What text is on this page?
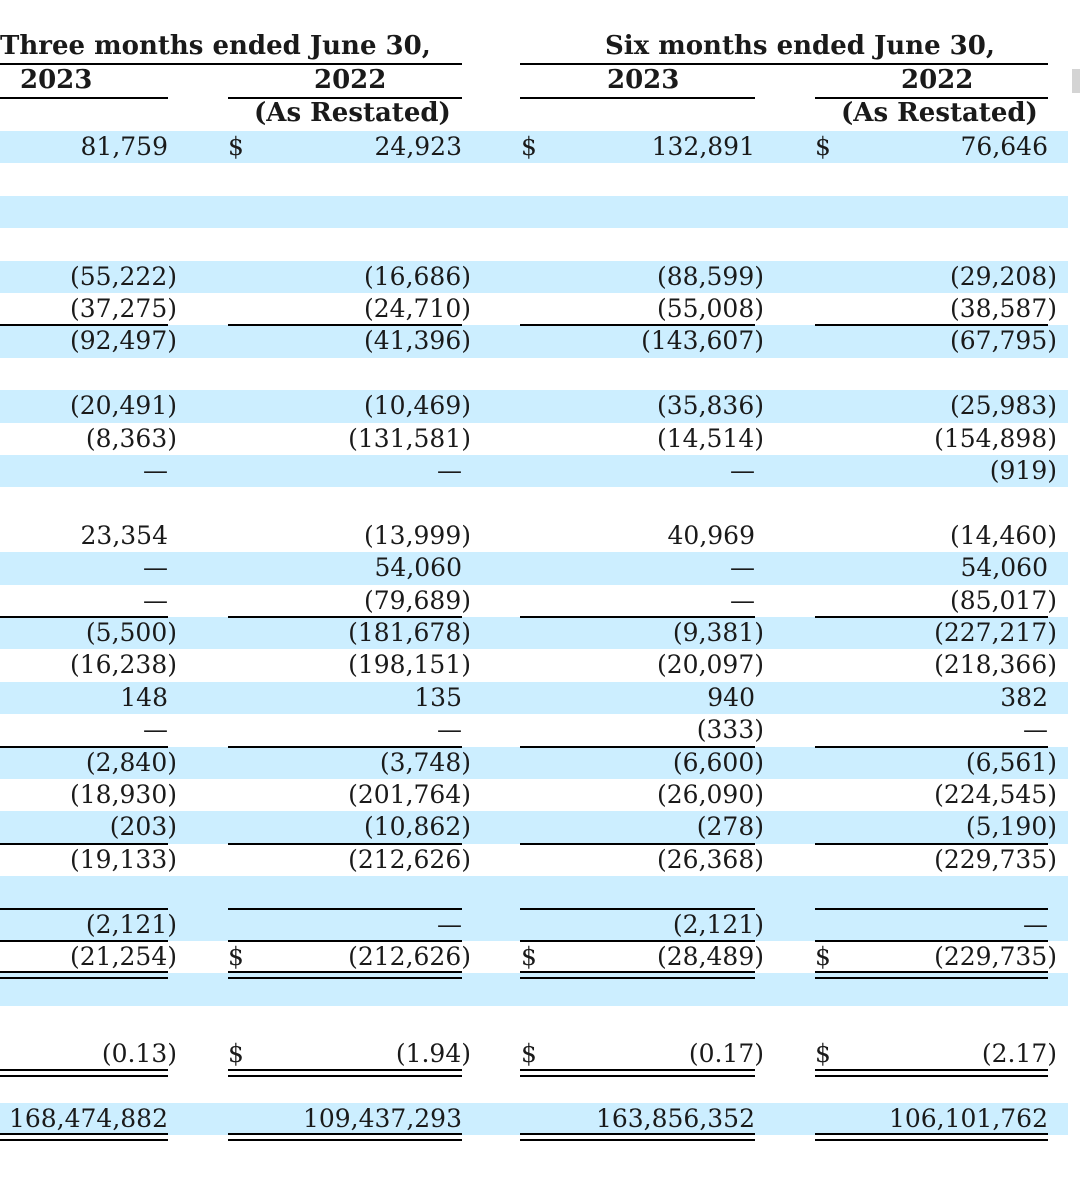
Three months ended June 30,	Six months ended June 30,
2023	2022	2023	2022
(As Restated)	(As Restated)
81,759	24,923	132,891	76,646
$	$	$
(55,222)	(16,686)	(88,599)	(29,208)
(37,275)	(24,710)	(55,008)	(38,587)
(92,497)	(41,396)	(143,607)	(67,795)
(20,491)	(10,469)	(35,836)	(25,983)
(8,363)	(131,581)	(14,514)	(154,898)
—	—	—	(919)
23,354	(13,999)	40,969	(14,460)
—	54,060	—	54,060
—	(79,689)	—	(85,017)
(5,500)	(181,678)	(9,381)	(227,217)
(16,238)	(198,151)	(20,097)	(218,366)
148	135	940	382
—	—	(333)	—
(2,840)	(3,748)	(6,600)	(6,561)
(18,930)	(201,764)	(26,090)	(224,545)
(203)	(10,862)	(278)	(5,190)
(19,133)	(212,626)	(26,368)	(229,735)
(2,121)	—	(2,121)	—
(21,254)	(212,626)	(28,489)	(229,735)
$	$	$
(0.13)	(1.94)	(0.17)	(2.17)
$	$	$
168,474,882	109,437,293	163,856,352	106,101,762
